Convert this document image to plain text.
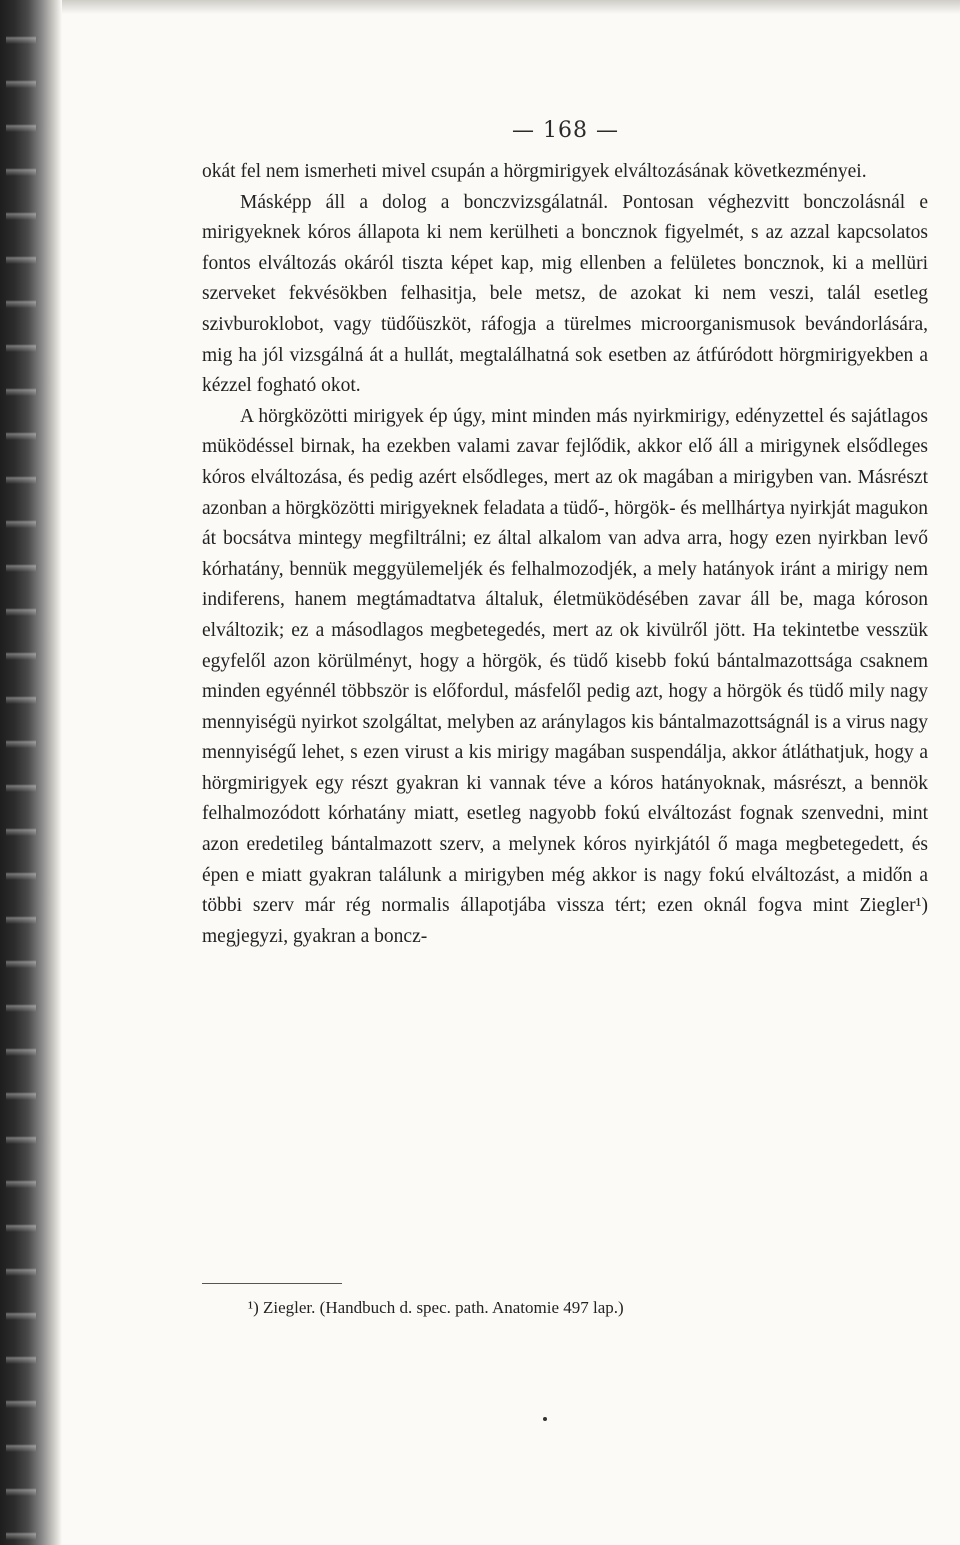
— 168 —

okát fel nem ismerheti mivel csupán a hörgmirigyek elváltozásának következményei.

Másképp áll a dolog a bonczvizsgálatnál. Pontosan véghezvitt bonczolásnál e mirigyeknek kóros állapota ki nem kerülheti a boncznok figyelmét, s az azzal kapcsolatos fontos elváltozás okáról tiszta képet kap, mig ellenben a felületes boncznok, ki a mellüri szerveket fekvésökben felhasitja, bele metsz, de azokat ki nem veszi, talál esetleg szivburoklobot, vagy tüdőüszköt, ráfogja a türelmes microorganismusok bevándorlására, mig ha jól vizsgálná át a hullát, megtalálhatná sok esetben az átfúródott hörgmirigyekben a kézzel fogható okot.

A hörgközötti mirigyek ép úgy, mint minden más nyirkmirigy, edényzettel és sajátlagos müködéssel birnak, ha ezekben valami zavar fejlődik, akkor elő áll a mirigynek elsődleges kóros elváltozása, és pedig azért elsődleges, mert az ok magában a mirigyben van. Másrészt azonban a hörgközötti mirigyeknek feladata a tüdő-, hörgök- és mellhártya nyirkját magukon át bocsátva mintegy megfiltrálni; ez által alkalom van adva arra, hogy ezen nyirkban levő kórhatány, bennük meggyülemeljék és felhalmozodjék, a mely hatányok iránt a mirigy nem indiferens, hanem megtámadtatva általuk, életmüködésében zavar áll be, maga kóroson elváltozik; ez a másodlagos megbetegedés, mert az ok kivülről jött. Ha tekintetbe vesszük egyfelől azon körülményt, hogy a hörgök, és tüdő kisebb fokú bántalmazottsága csaknem minden egyénnél többször is előfordul, másfelől pedig azt, hogy a hörgök és tüdő mily nagy mennyiségü nyirkot szolgáltat, melyben az aránylagos kis bántalmazottságnál is a virus nagy mennyiségű lehet, s ezen virust a kis mirigy magában suspendálja, akkor átláthatjuk, hogy a hörgmirigyek egy részt gyakran ki vannak téve a kóros hatányoknak, másrészt, a bennök felhalmozódott kórhatány miatt, esetleg nagyobb fokú elváltozást fognak szenvedni, mint azon eredetileg bántalmazott szerv, a melynek kóros nyirkjától ő maga megbetegedett, és épen e miatt gyakran találunk a mirigyben még akkor is nagy fokú elváltozást, a midőn a többi szerv már rég normalis állapotjába vissza tért; ezen oknál fogva mint Ziegler¹) megjegyzi, gyakran a boncz-

¹) Ziegler. (Handbuch d. spec. path. Anatomie 497 lap.)
